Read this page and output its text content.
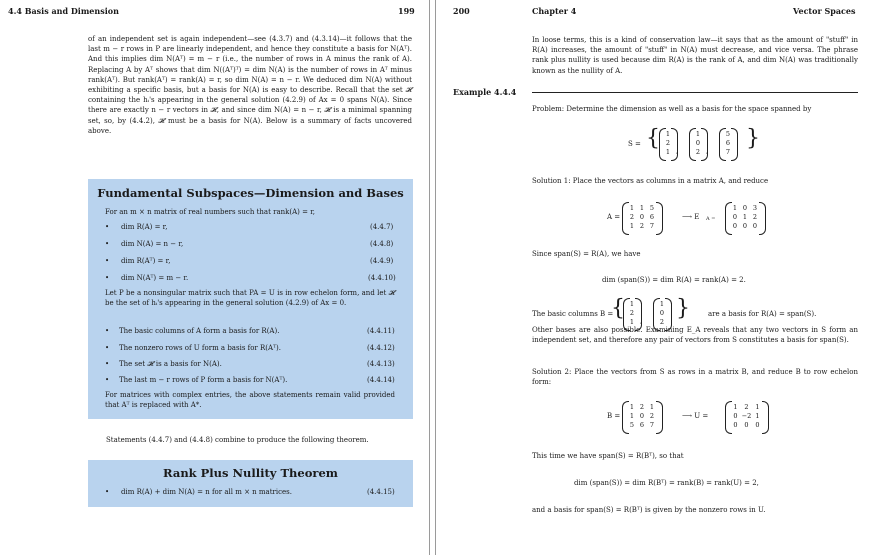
4.4 Basis and Dimension	199

of an independent set is again independent—see (4.3.7) and (4.3.14)—it follows that the last m − r rows in P are linearly independent, and hence they constitute a basis for N(Aᵀ). And this implies dim N(Aᵀ) = m − r (i.e., the number of rows in A minus the rank of A). Replacing A by Aᵀ shows that dim N((Aᵀ)ᵀ) = dim N(A) is the number of rows in Aᵀ minus rank(Aᵀ). But rank(Aᵀ) = rank(A) = r, so dim N(A) = n − r. We deduced dim N(A) without exhibiting a specific basis, but a basis for N(A) is easy to describe. Recall that the set 𝓗 containing the hᵢ's appearing in the general solution (4.2.9) of Ax = 0 spans N(A). Since there are exactly n − r vectors in 𝓗, and since dim N(A) = n − r, 𝓗 is a minimal spanning set, so, by (4.4.2), 𝓗 must be a basis for N(A). Below is a summary of facts uncovered above.

Fundamental Subspaces—Dimension and Bases
For an m × n matrix of real numbers such that rank(A) = r,
• dim R(A) = r,	(4.4.7)
• dim N(A) = n − r,	(4.4.8)
• dim R(Aᵀ) = r,	(4.4.9)
• dim N(Aᵀ) = m − r.	(4.4.10)

Let P be a nonsingular matrix such that PA = U is in row echelon form, and let 𝓗 be the set of hᵢ's appearing in the general solution (4.2.9) of Ax = 0.

• The basic columns of A form a basis for R(A).	(4.4.11)
• The nonzero rows of U form a basis for R(Aᵀ).	(4.4.12)
• The set 𝓗 is a basis for N(A).	(4.4.13)
• The last m − r rows of P form a basis for N(Aᵀ).	(4.4.14)

For matrices with complex entries, the above statements remain valid provided that Aᵀ is replaced with A*.

Statements (4.4.7) and (4.4.8) combine to produce the following theorem.
Rank Plus Nullity Theorem
• dim R(A) + dim N(A) = n for all m × n matrices.	(4.4.15)
200	Chapter 4	Vector Spaces

In loose terms, this is a kind of conservation law—it says that as the amount of "stuff" in R(A) increases, the amount of "stuff" in N(A) must decrease, and vice versa. The phrase rank plus nullity is used because dim R(A) is the rank of A, and dim N(A) was traditionally known as the nullity of A.

Example 4.4.4
Problem: Determine the dimension as well as a basis for the space spanned by
S = {	}
Solution 1: Place the vectors as columns in a matrix A, and reduce
A =	⟶ E A =
Since span(S) = R(A), we have
dim (span(S)) = dim R(A) = rank(A) = 2.
The basic columns B =
{ }	are a basis for R(A) = span(S).

Other bases are also possible. Examining E_A reveals that any two vectors in S form an independent set, and therefore any pair of vectors from S constitutes a basis for span(S).

Solution 2: Place the vectors from S as rows in a matrix B, and reduce B to row echelon form:

B =	⟶ U =
This time we have span(S) = R(Bᵀ), so that
dim (span(S)) = dim R(Bᵀ) = rank(B) = rank(U) = 2,
and a basis for span(S) = R(Bᵀ) is given by the nonzero rows in U.
1
2
1 ,
1
0
2 ,
5
6
7
1 1 5
2 0 6
1 2 7
1 0 3
0 1 2
0 0 0
1
2
1 ,
1
0
2
1 2 1
1 0 2
5 6 7
1	2	1
0 −2 1
0	0	0
